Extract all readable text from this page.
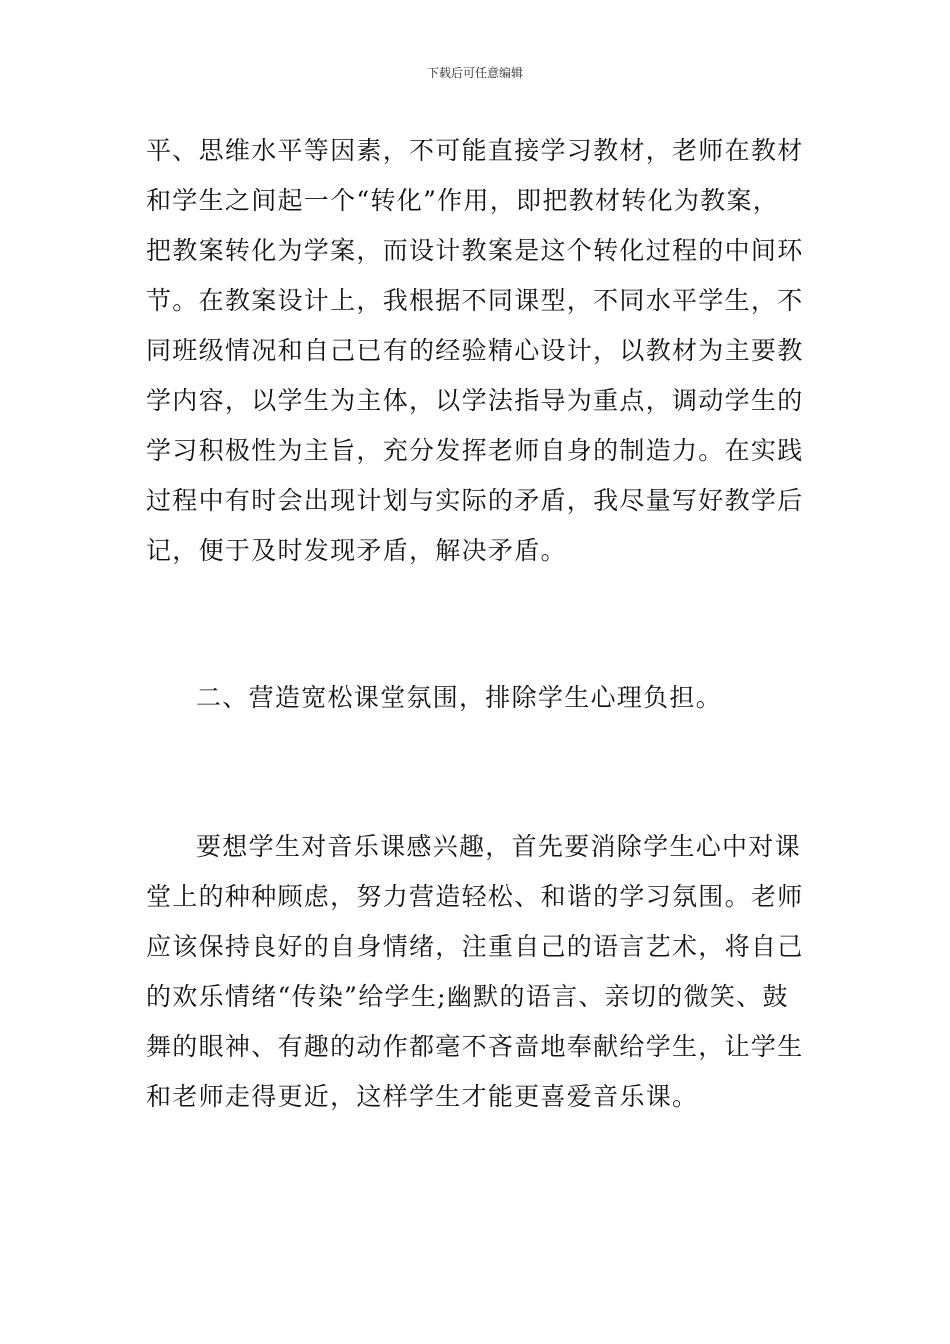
下载后可任意编辑
平、思维水平等因素，不可能直接学习教材，老师在教材
和学生之间起一个“转化”作用，即把教材转化为教案，
把教案转化为学案，而设计教案是这个转化过程的中间环
节。在教案设计上，我根据不同课型，不同水平学生，不
同班级情况和自己已有的经验精心设计，以教材为主要教
学内容，以学生为主体，以学法指导为重点，调动学生的
学习积极性为主旨，充分发挥老师自身的制造力。在实践
过程中有时会出现计划与实际的矛盾，我尽量写好教学后
记，便于及时发现矛盾，解决矛盾。
二、营造宽松课堂氛围，排除学生心理负担。
要想学生对音乐课感兴趣，首先要消除学生心中对课
堂上的种种顾虑，努力营造轻松、和谐的学习氛围。老师
应该保持良好的自身情绪，注重自己的语言艺术，将自己
的欢乐情绪“传染”给学生;幽默的语言、亲切的微笑、鼓
舞的眼神、有趣的动作都毫不吝啬地奉献给学生，让学生
和老师走得更近，这样学生才能更喜爱音乐课。
